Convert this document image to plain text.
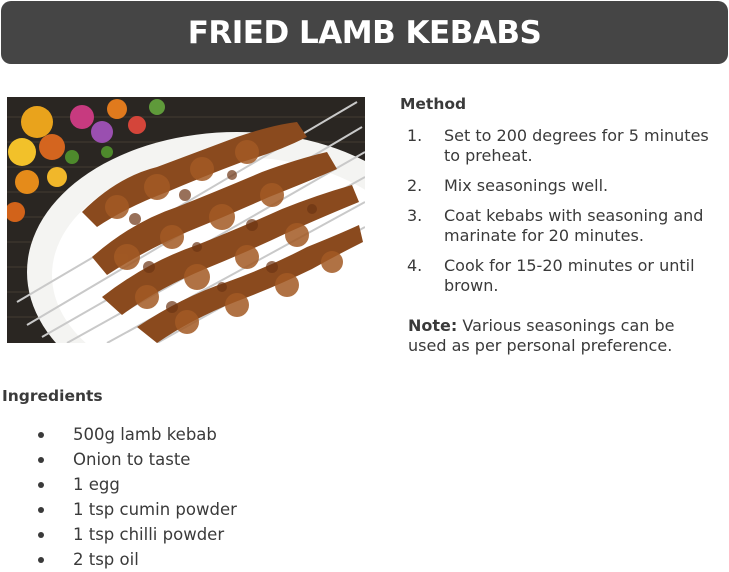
FRIED LAMB KEBABS
Method
1. Set to 200 degrees for 5 minutes to preheat.
2. Mix seasonings well.
3. Coat kebabs with seasoning and marinate for 20 minutes.
4. Cook for 15-20 minutes or until brown.

Note: Various seasonings can be used as per personal preference.

Ingredients
500g lamb kebab
Onion to taste
1 egg
1 tsp cumin powder
1 tsp chilli powder
2 tsp oil
